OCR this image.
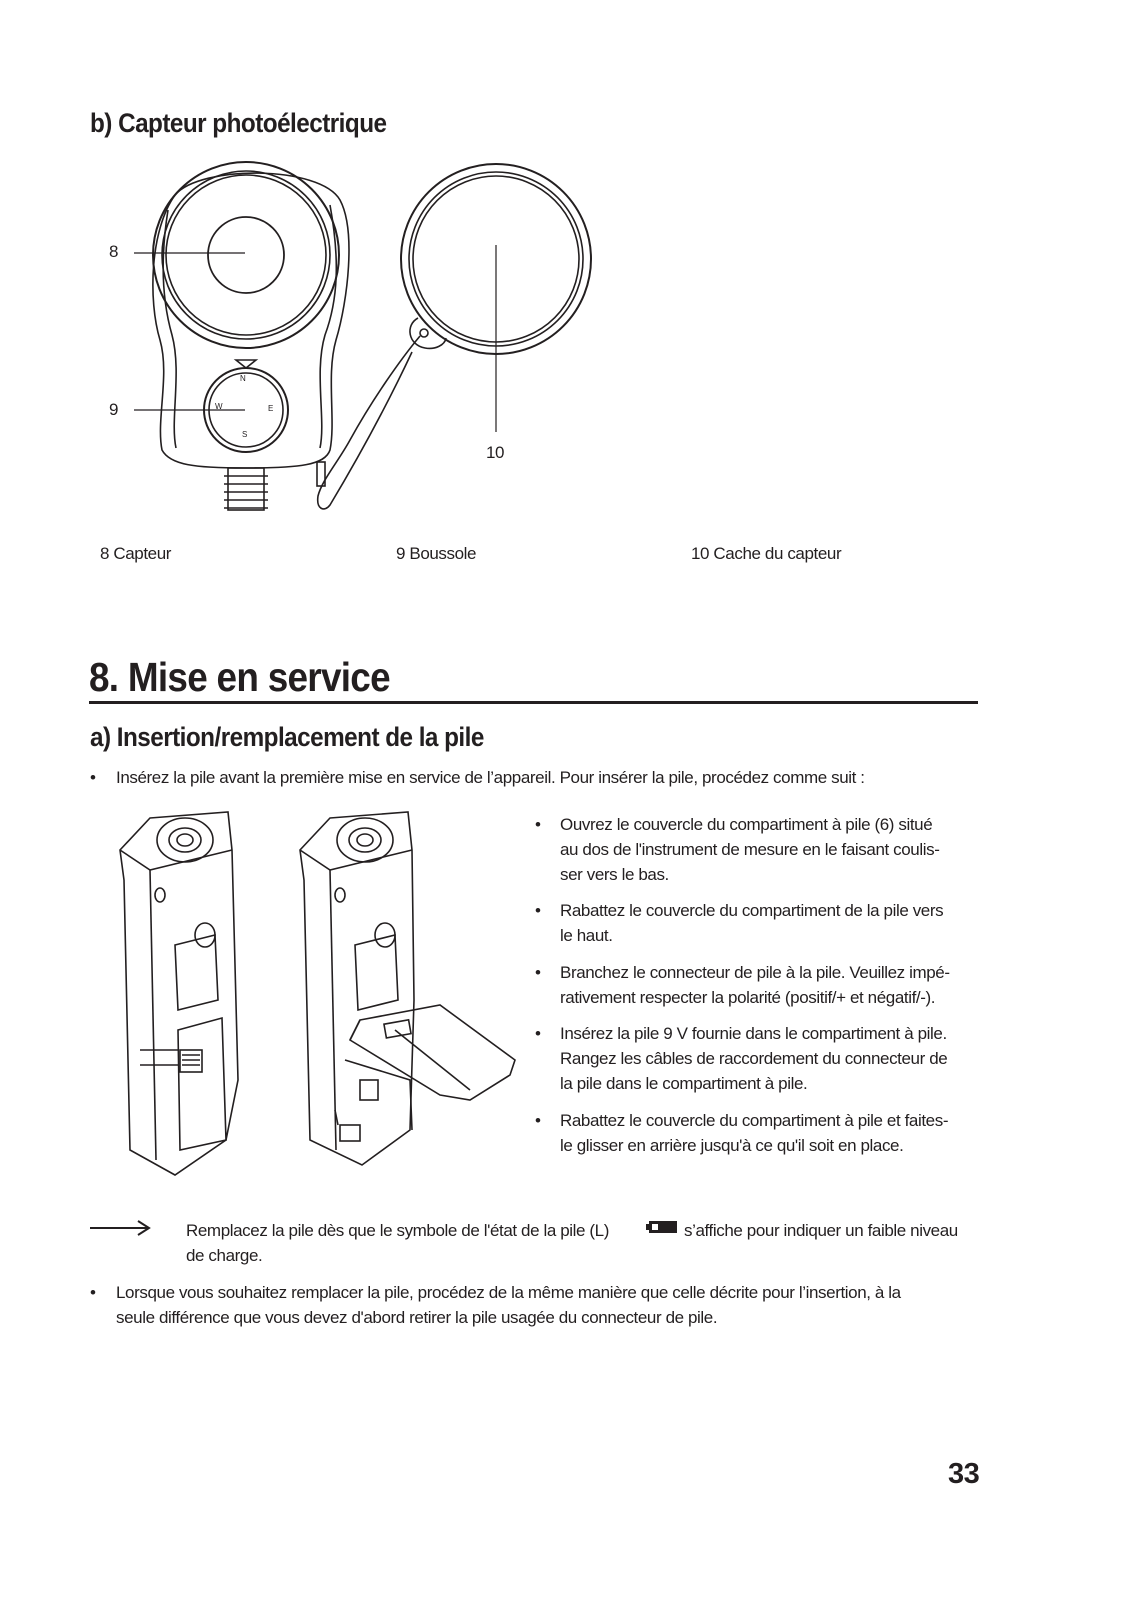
b) Capteur photoélectrique
N
W	E
S
8
9
10
8 Capteur	9 Boussole	10 Cache du capteur
8. Mise en service
a) Insertion/remplacement de la pile
• Insérez la pile avant la première mise en service de l’appareil. Pour insérer la pile, procédez comme suit :
• Ouvrez le couvercle du compartiment à pile (6) situé
au dos de l'instrument de mesure en le faisant coulis-
ser vers le bas.
• Rabattez le couvercle du compartiment de la pile vers
le haut.
• Branchez le connecteur de pile à la pile. Veuillez impé-
rativement respecter la polarité (positif/+ et négatif/-).
• Insérez la pile 9 V fournie dans le compartiment à pile.
Rangez les câbles de raccordement du connecteur de
la pile dans le compartiment à pile.
• Rabattez le couvercle du compartiment à pile et faites-
le glisser en arrière jusqu'à ce qu'il soit en place.
Remplacez la pile dès que le symbole de l'état de la pile (L)	s’affiche pour indiquer un faible niveau
de charge.
• Lorsque vous souhaitez remplacer la pile, procédez de la même manière que celle décrite pour l’insertion, à la
seule différence que vous devez d'abord retirer la pile usagée du connecteur de pile.
33
